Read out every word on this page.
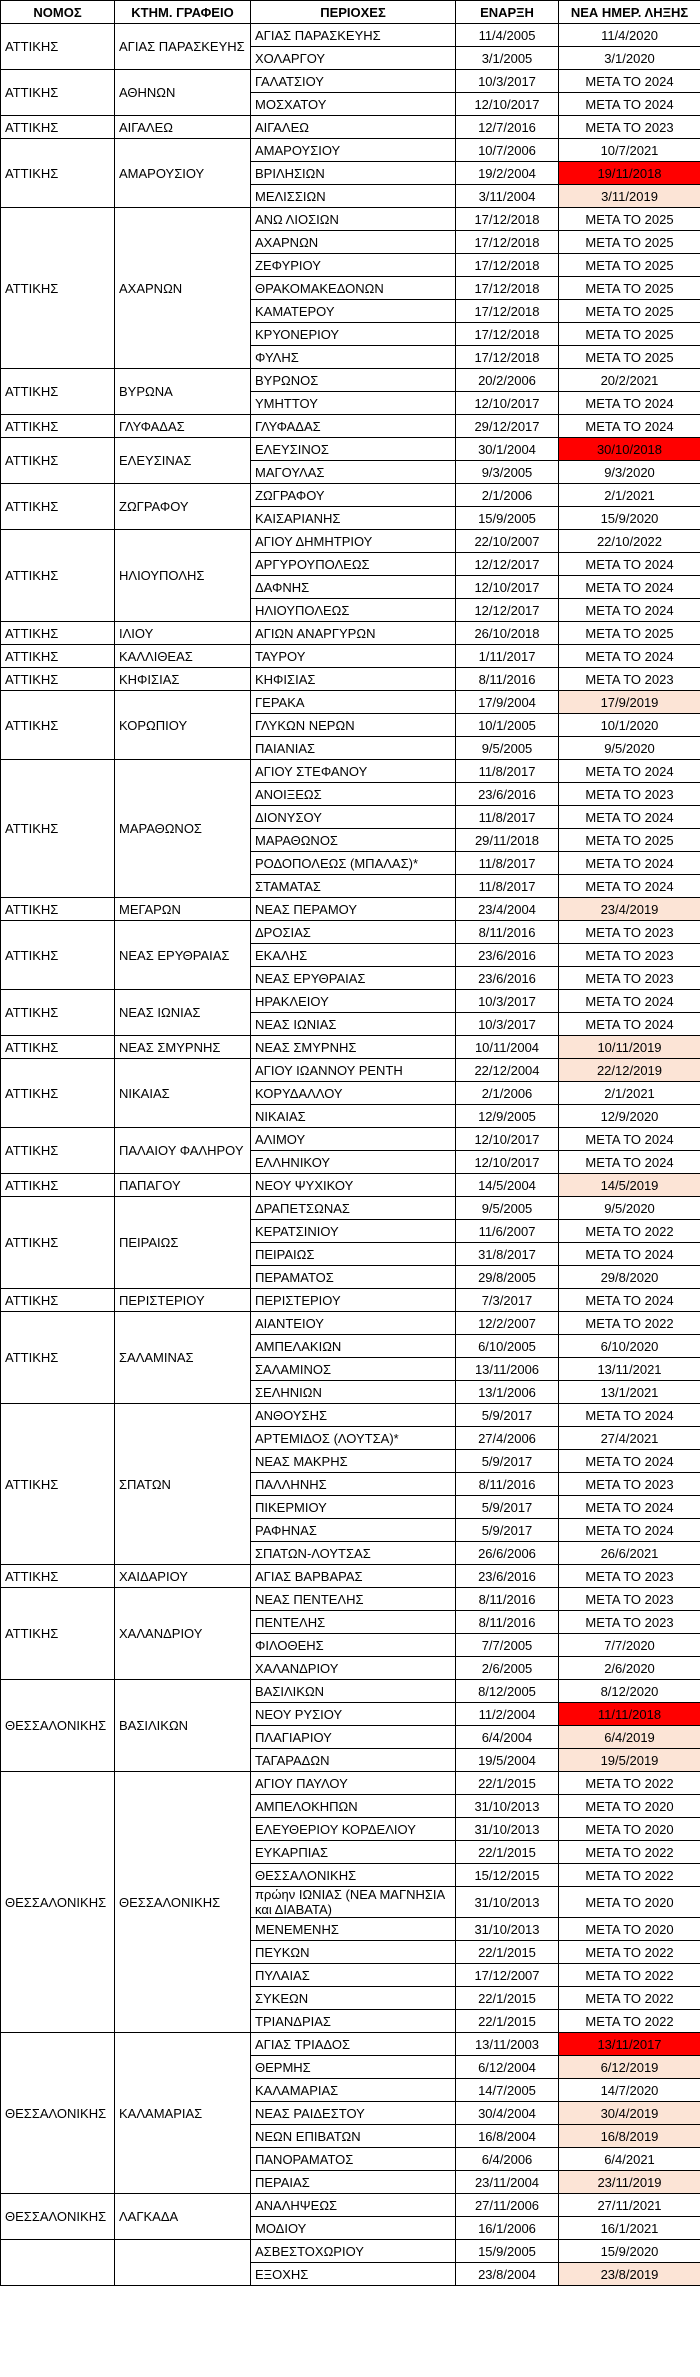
ΝΟΜΟΣ	ΚΤΗΜ. ΓΡΑΦΕΙΟ	ΠΕΡΙΟΧΕΣ	ΕΝΑΡΞΗ	ΝΕΑ ΗΜΕΡ. ΛΗΞΗΣ
ΑΤΤΙΚΗΣ	ΑΓΙΑΣ ΠΑΡΑΣΚΕΥΗΣ	ΑΓΙΑΣ ΠΑΡΑΣΚΕΥΗΣ	11/4/2005	11/4/2020
		ΧΟΛΑΡΓΟΥ	3/1/2005	3/1/2020
ΑΤΤΙΚΗΣ	ΑΘΗΝΩΝ	ΓΑΛΑΤΣΙΟΥ	10/3/2017	ΜΕΤΑ ΤΟ 2024
		ΜΟΣΧΑΤΟΥ	12/10/2017	ΜΕΤΑ ΤΟ 2024
ΑΤΤΙΚΗΣ	ΑΙΓΑΛΕΩ	ΑΙΓΑΛΕΩ	12/7/2016	ΜΕΤΑ ΤΟ 2023
ΑΤΤΙΚΗΣ	ΑΜΑΡΟΥΣΙΟΥ	ΑΜΑΡΟΥΣΙΟΥ	10/7/2006	10/7/2021
		ΒΡΙΛΗΣΙΩΝ	19/2/2004	19/11/2018
		ΜΕΛΙΣΣΙΩΝ	3/11/2004	3/11/2019
ΑΤΤΙΚΗΣ	ΑΧΑΡΝΩΝ	ΑΝΩ ΛΙΟΣΙΩΝ	17/12/2018	ΜΕΤΑ ΤΟ 2025
		ΑΧΑΡΝΩΝ	17/12/2018	ΜΕΤΑ ΤΟ 2025
		ΖΕΦΥΡΙΟΥ	17/12/2018	ΜΕΤΑ ΤΟ 2025
		ΘΡΑΚΟΜΑΚΕΔΟΝΩΝ	17/12/2018	ΜΕΤΑ ΤΟ 2025
		ΚΑΜΑΤΕΡΟΥ	17/12/2018	ΜΕΤΑ ΤΟ 2025
		ΚΡΥΟΝΕΡΙΟΥ	17/12/2018	ΜΕΤΑ ΤΟ 2025
		ΦΥΛΗΣ	17/12/2018	ΜΕΤΑ ΤΟ 2025
ΑΤΤΙΚΗΣ	ΒΥΡΩΝΑ	ΒΥΡΩΝΟΣ	20/2/2006	20/2/2021
		ΥΜΗΤΤΟΥ	12/10/2017	ΜΕΤΑ ΤΟ 2024
ΑΤΤΙΚΗΣ	ΓΛΥΦΑΔΑΣ	ΓΛΥΦΑΔΑΣ	29/12/2017	ΜΕΤΑ ΤΟ 2024
ΑΤΤΙΚΗΣ	ΕΛΕΥΣΙΝΑΣ	ΕΛΕΥΣΙΝΟΣ	30/1/2004	30/10/2018
		ΜΑΓΟΥΛΑΣ	9/3/2005	9/3/2020
ΑΤΤΙΚΗΣ	ΖΩΓΡΑΦΟΥ	ΖΩΓΡΑΦΟΥ	2/1/2006	2/1/2021
		ΚΑΙΣΑΡΙΑΝΗΣ	15/9/2005	15/9/2020
ΑΤΤΙΚΗΣ	ΗΛΙΟΥΠΟΛΗΣ	ΑΓΙΟΥ ΔΗΜΗΤΡΙΟΥ	22/10/2007	22/10/2022
		ΑΡΓΥΡΟΥΠΟΛΕΩΣ	12/12/2017	ΜΕΤΑ ΤΟ 2024
		ΔΑΦΝΗΣ	12/10/2017	ΜΕΤΑ ΤΟ 2024
		ΗΛΙΟΥΠΟΛΕΩΣ	12/12/2017	ΜΕΤΑ ΤΟ 2024
ΑΤΤΙΚΗΣ	ΙΛΙΟΥ	ΑΓΙΩΝ ΑΝΑΡΓΥΡΩΝ	26/10/2018	ΜΕΤΑ ΤΟ 2025
ΑΤΤΙΚΗΣ	ΚΑΛΛΙΘΕΑΣ	ΤΑΥΡΟΥ	1/11/2017	ΜΕΤΑ ΤΟ 2024
ΑΤΤΙΚΗΣ	ΚΗΦΙΣΙΑΣ	ΚΗΦΙΣΙΑΣ	8/11/2016	ΜΕΤΑ ΤΟ 2023
ΑΤΤΙΚΗΣ	ΚΟΡΩΠΙΟΥ	ΓΕΡΑΚΑ	17/9/2004	17/9/2019
		ΓΛΥΚΩΝ ΝΕΡΩΝ	10/1/2005	10/1/2020
		ΠΑΙΑΝΙΑΣ	9/5/2005	9/5/2020
ΑΤΤΙΚΗΣ	ΜΑΡΑΘΩΝΟΣ	ΑΓΙΟΥ ΣΤΕΦΑΝΟΥ	11/8/2017	ΜΕΤΑ ΤΟ 2024
		ΑΝΟΙΞΕΩΣ	23/6/2016	ΜΕΤΑ ΤΟ 2023
		ΔΙΟΝΥΣΟΥ	11/8/2017	ΜΕΤΑ ΤΟ 2024
		ΜΑΡΑΘΩΝΟΣ	29/11/2018	ΜΕΤΑ ΤΟ 2025
		ΡΟΔΟΠΟΛΕΩΣ (ΜΠΑΛΑΣ)*	11/8/2017	ΜΕΤΑ ΤΟ 2024
		ΣΤΑΜΑΤΑΣ	11/8/2017	ΜΕΤΑ ΤΟ 2024
ΑΤΤΙΚΗΣ	ΜΕΓΑΡΩΝ	ΝΕΑΣ ΠΕΡΑΜΟΥ	23/4/2004	23/4/2019
ΑΤΤΙΚΗΣ	ΝΕΑΣ ΕΡΥΘΡΑΙΑΣ	ΔΡΟΣΙΑΣ	8/11/2016	ΜΕΤΑ ΤΟ 2023
		ΕΚΑΛΗΣ	23/6/2016	ΜΕΤΑ ΤΟ 2023
		ΝΕΑΣ ΕΡΥΘΡΑΙΑΣ	23/6/2016	ΜΕΤΑ ΤΟ 2023
ΑΤΤΙΚΗΣ	ΝΕΑΣ ΙΩΝΙΑΣ	ΗΡΑΚΛΕΙΟΥ	10/3/2017	ΜΕΤΑ ΤΟ 2024
		ΝΕΑΣ ΙΩΝΙΑΣ	10/3/2017	ΜΕΤΑ ΤΟ 2024
ΑΤΤΙΚΗΣ	ΝΕΑΣ ΣΜΥΡΝΗΣ	ΝΕΑΣ ΣΜΥΡΝΗΣ	10/11/2004	10/11/2019
ΑΤΤΙΚΗΣ	ΝΙΚΑΙΑΣ	ΑΓΙΟΥ ΙΩΑΝΝΟΥ ΡΕΝΤΗ	22/12/2004	22/12/2019
		ΚΟΡΥΔΑΛΛΟΥ	2/1/2006	2/1/2021
		ΝΙΚΑΙΑΣ	12/9/2005	12/9/2020
ΑΤΤΙΚΗΣ	ΠΑΛΑΙΟΥ ΦΑΛΗΡΟΥ	ΑΛΙΜΟΥ	12/10/2017	ΜΕΤΑ ΤΟ 2024
		ΕΛΛΗΝΙΚΟΥ	12/10/2017	ΜΕΤΑ ΤΟ 2024
ΑΤΤΙΚΗΣ	ΠΑΠΑΓΟΥ	ΝΕΟΥ ΨΥΧΙΚΟΥ	14/5/2004	14/5/2019
ΑΤΤΙΚΗΣ	ΠΕΙΡΑΙΩΣ	ΔΡΑΠΕΤΣΩΝΑΣ	9/5/2005	9/5/2020
		ΚΕΡΑΤΣΙΝΙΟΥ	11/6/2007	ΜΕΤΑ ΤΟ 2022
		ΠΕΙΡΑΙΩΣ	31/8/2017	ΜΕΤΑ ΤΟ 2024
		ΠΕΡΑΜΑΤΟΣ	29/8/2005	29/8/2020
ΑΤΤΙΚΗΣ	ΠΕΡΙΣΤΕΡΙΟΥ	ΠΕΡΙΣΤΕΡΙΟΥ	7/3/2017	ΜΕΤΑ ΤΟ 2024
ΑΤΤΙΚΗΣ	ΣΑΛΑΜΙΝΑΣ	ΑΙΑΝΤΕΙΟΥ	12/2/2007	ΜΕΤΑ ΤΟ 2022
		ΑΜΠΕΛΑΚΙΩΝ	6/10/2005	6/10/2020
		ΣΑΛΑΜΙΝΟΣ	13/11/2006	13/11/2021
		ΣΕΛΗΝΙΩΝ	13/1/2006	13/1/2021
ΑΤΤΙΚΗΣ	ΣΠΑΤΩΝ	ΑΝΘΟΥΣΗΣ	5/9/2017	ΜΕΤΑ ΤΟ 2024
		ΑΡΤΕΜΙΔΟΣ (ΛΟΥΤΣΑ)*	27/4/2006	27/4/2021
		ΝΕΑΣ ΜΑΚΡΗΣ	5/9/2017	ΜΕΤΑ ΤΟ 2024
		ΠΑΛΛΗΝΗΣ	8/11/2016	ΜΕΤΑ ΤΟ 2023
		ΠΙΚΕΡΜΙΟΥ	5/9/2017	ΜΕΤΑ ΤΟ 2024
		ΡΑΦΗΝΑΣ	5/9/2017	ΜΕΤΑ ΤΟ 2024
		ΣΠΑΤΩΝ-ΛΟΥΤΣΑΣ	26/6/2006	26/6/2021
ΑΤΤΙΚΗΣ	ΧΑΙΔΑΡΙΟΥ	ΑΓΙΑΣ ΒΑΡΒΑΡΑΣ	23/6/2016	ΜΕΤΑ ΤΟ 2023
ΑΤΤΙΚΗΣ	ΧΑΛΑΝΔΡΙΟΥ	ΝΕΑΣ ΠΕΝΤΕΛΗΣ	8/11/2016	ΜΕΤΑ ΤΟ 2023
		ΠΕΝΤΕΛΗΣ	8/11/2016	ΜΕΤΑ ΤΟ 2023
		ΦΙΛΟΘΕΗΣ	7/7/2005	7/7/2020
		ΧΑΛΑΝΔΡΙΟΥ	2/6/2005	2/6/2020
ΘΕΣΣΑΛΟΝΙΚΗΣ	ΒΑΣΙΛΙΚΩΝ	ΒΑΣΙΛΙΚΩΝ	8/12/2005	8/12/2020
		ΝΕΟΥ ΡΥΣΙΟΥ	11/2/2004	11/11/2018
		ΠΛΑΓΙΑΡΙΟΥ	6/4/2004	6/4/2019
		ΤΑΓΑΡΑΔΩΝ	19/5/2004	19/5/2019
ΘΕΣΣΑΛΟΝΙΚΗΣ	ΘΕΣΣΑΛΟΝΙΚΗΣ	ΑΓΙΟΥ ΠΑΥΛΟΥ	22/1/2015	ΜΕΤΑ ΤΟ 2022
		ΑΜΠΕΛΟΚΗΠΩΝ	31/10/2013	ΜΕΤΑ ΤΟ 2020
		ΕΛΕΥΘΕΡΙΟΥ ΚΟΡΔΕΛΙΟΥ	31/10/2013	ΜΕΤΑ ΤΟ 2020
		ΕΥΚΑΡΠΙΑΣ	22/1/2015	ΜΕΤΑ ΤΟ 2022
		ΘΕΣΣΑΛΟΝΙΚΗΣ	15/12/2015	ΜΕΤΑ ΤΟ 2022
		πρώην ΙΩΝΙΑΣ (ΝΕΑ ΜΑΓΝΗΣΙΑ και ΔΙΑΒΑΤΑ)	31/10/2013	ΜΕΤΑ ΤΟ 2020
		ΜΕΝΕΜΕΝΗΣ	31/10/2013	ΜΕΤΑ ΤΟ 2020
		ΠΕΥΚΩΝ	22/1/2015	ΜΕΤΑ ΤΟ 2022
		ΠΥΛΑΙΑΣ	17/12/2007	ΜΕΤΑ ΤΟ 2022
		ΣΥΚΕΩΝ	22/1/2015	ΜΕΤΑ ΤΟ 2022
		ΤΡΙΑΝΔΡΙΑΣ	22/1/2015	ΜΕΤΑ ΤΟ 2022
ΘΕΣΣΑΛΟΝΙΚΗΣ	ΚΑΛΑΜΑΡΙΑΣ	ΑΓΙΑΣ ΤΡΙΑΔΟΣ	13/11/2003	13/11/2017
		ΘΕΡΜΗΣ	6/12/2004	6/12/2019
		ΚΑΛΑΜΑΡΙΑΣ	14/7/2005	14/7/2020
		ΝΕΑΣ ΡΑΙΔΕΣΤΟΥ	30/4/2004	30/4/2019
		ΝΕΩΝ ΕΠΙΒΑΤΩΝ	16/8/2004	16/8/2019
		ΠΑΝΟΡΑΜΑΤΟΣ	6/4/2006	6/4/2021
		ΠΕΡΑΙΑΣ	23/11/2004	23/11/2019
ΘΕΣΣΑΛΟΝΙΚΗΣ	ΛΑΓΚΑΔΑ	ΑΝΑΛΗΨΕΩΣ	27/11/2006	27/11/2021
		ΜΟΔΙΟΥ	16/1/2006	16/1/2021
		ΑΣΒΕΣΤΟΧΩΡΙΟΥ	15/9/2005	15/9/2020
		ΕΞΟΧΗΣ	23/8/2004	23/8/2019
